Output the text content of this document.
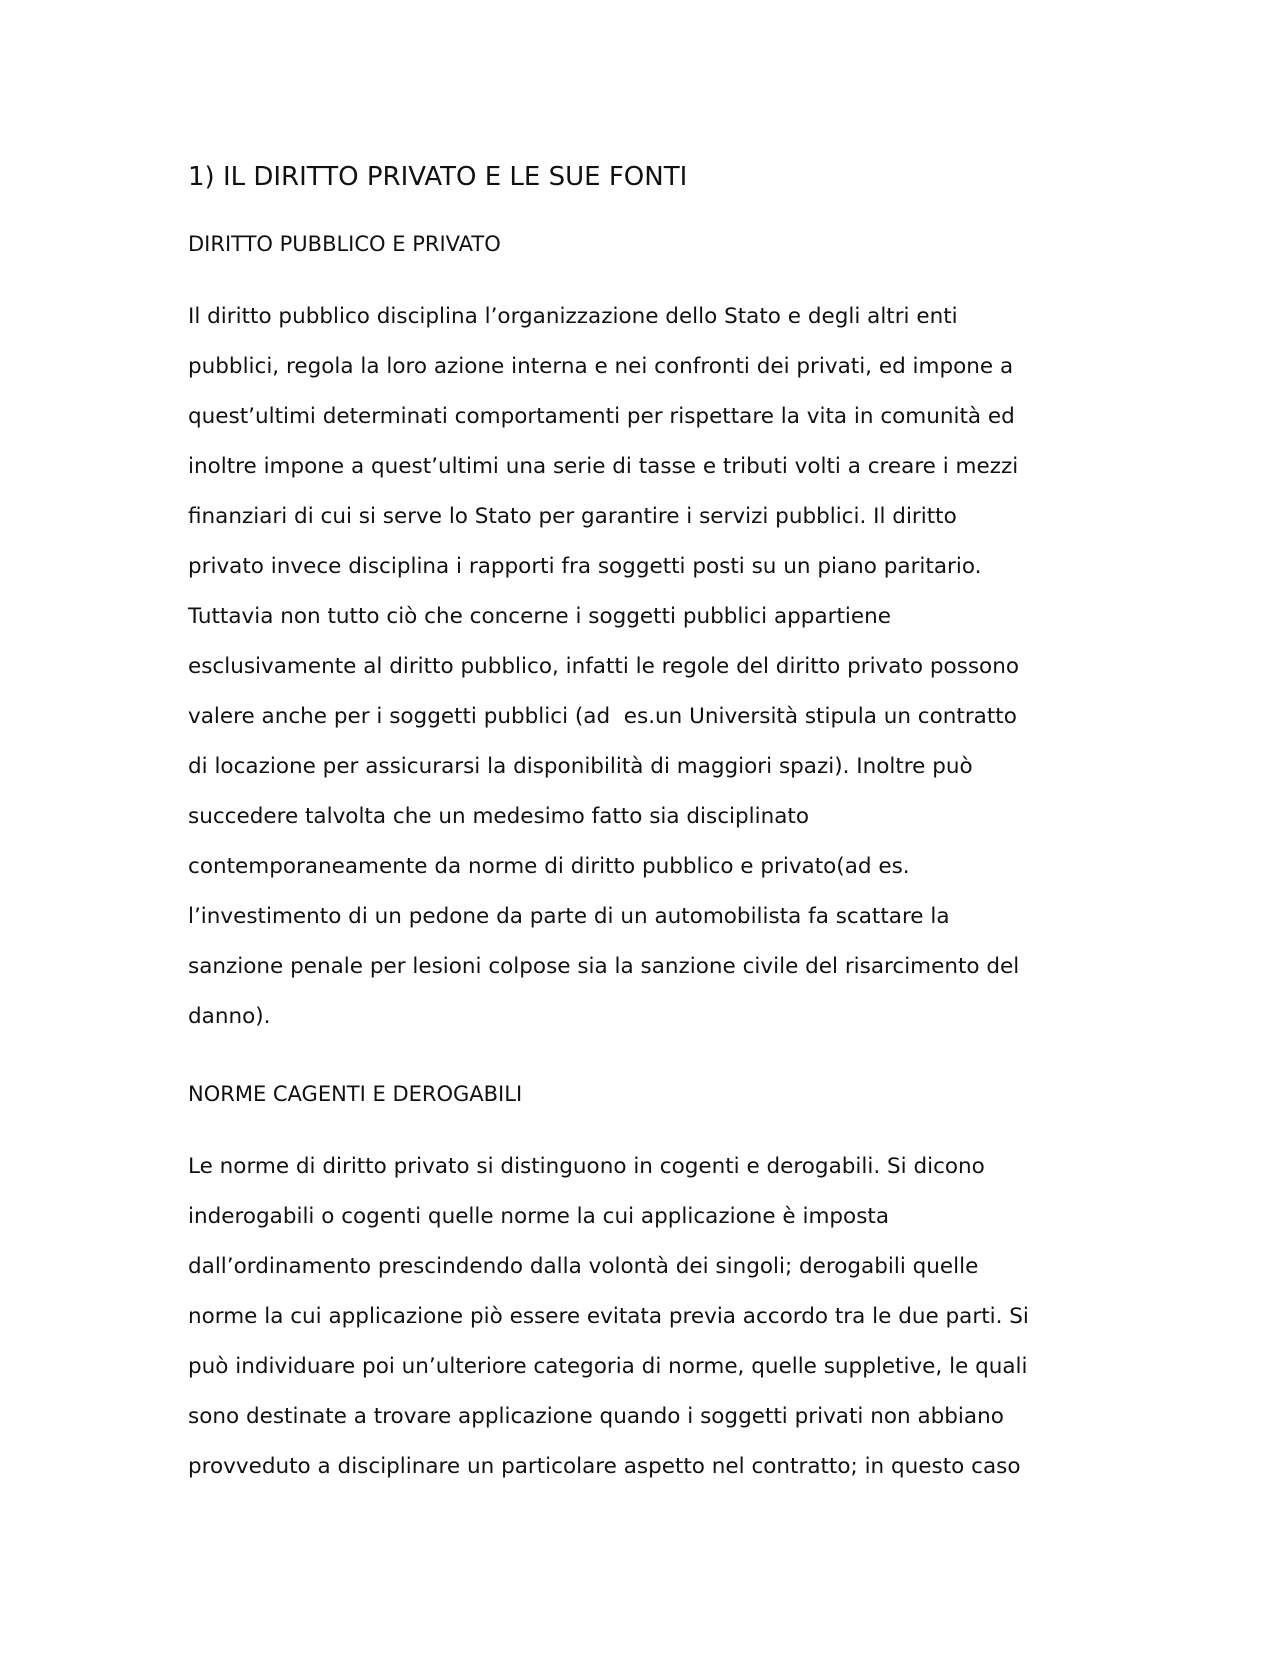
1) IL DIRITTO PRIVATO E LE SUE FONTI
DIRITTO PUBBLICO E PRIVATO
Il diritto pubblico disciplina l’organizzazione dello Stato e degli altri enti
pubblici, regola la loro azione interna e nei confronti dei privati, ed impone a
quest’ultimi determinati comportamenti per rispettare la vita in comunità ed
inoltre impone a quest’ultimi una serie di tasse e tributi volti a creare i mezzi
finanziari di cui si serve lo Stato per garantire i servizi pubblici. Il diritto
privato invece disciplina i rapporti fra soggetti posti su un piano paritario.
Tuttavia non tutto ciò che concerne i soggetti pubblici appartiene
esclusivamente al diritto pubblico, infatti le regole del diritto privato possono
valere anche per i soggetti pubblici (ad  es.un Università stipula un contratto
di locazione per assicurarsi la disponibilità di maggiori spazi). Inoltre può
succedere talvolta che un medesimo fatto sia disciplinato
contemporaneamente da norme di diritto pubblico e privato(ad es.
l’investimento di un pedone da parte di un automobilista fa scattare la
sanzione penale per lesioni colpose sia la sanzione civile del risarcimento del
danno).
NORME CAGENTI E DEROGABILI
Le norme di diritto privato si distinguono in cogenti e derogabili. Si dicono
inderogabili o cogenti quelle norme la cui applicazione è imposta
dall’ordinamento prescindendo dalla volontà dei singoli; derogabili quelle
norme la cui applicazione piò essere evitata previa accordo tra le due parti. Si
può individuare poi un’ulteriore categoria di norme, quelle suppletive, le quali
sono destinate a trovare applicazione quando i soggetti privati non abbiano
provveduto a disciplinare un particolare aspetto nel contratto; in questo caso
